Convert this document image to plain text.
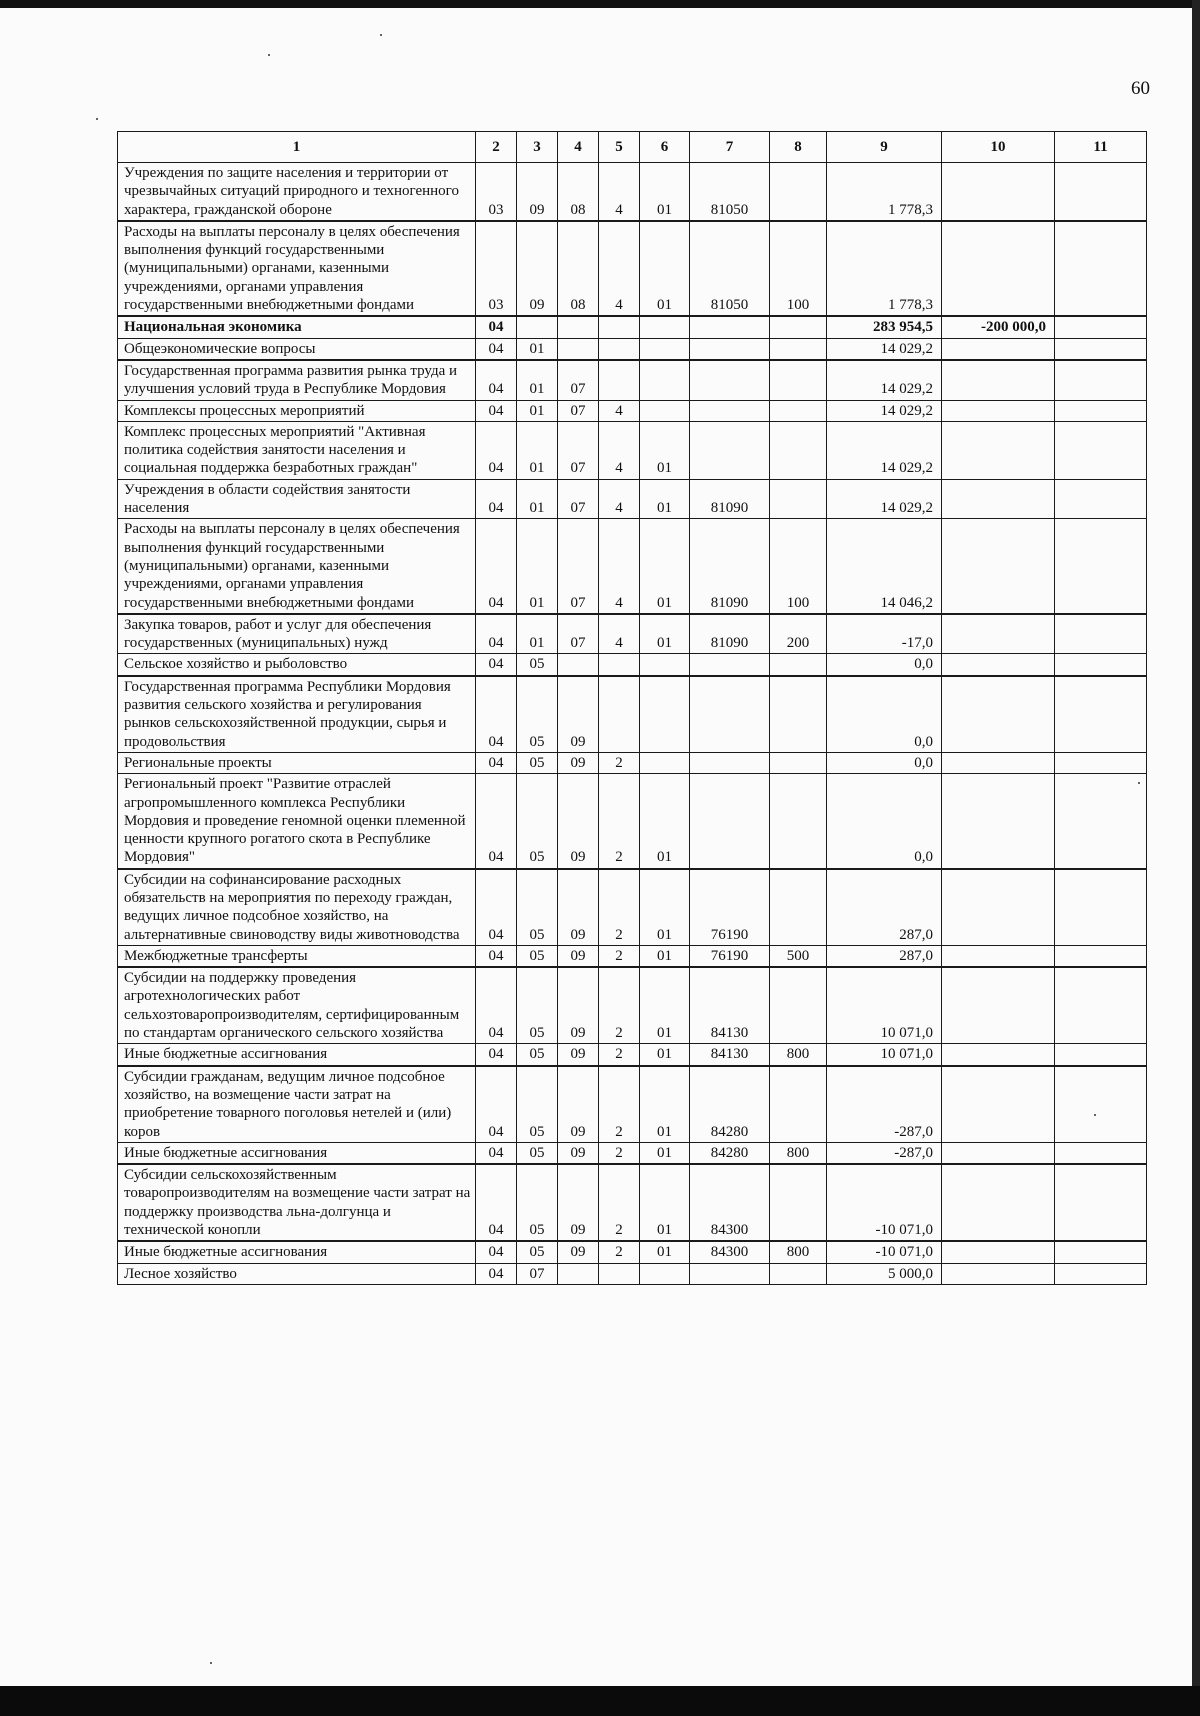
60
1	2	3	4	5	6	7	8	9	10	11
Учреждения по защите населения и территории от чрезвычайных ситуаций природного и техногенного характера, гражданской обороне	03	09	08	4	01	81050		1 778,3		
Расходы на выплаты персоналу в целях обеспечения выполнения функций государственными (муниципальными) органами, казенными учреждениями, органами управления государственными внебюджетными фондами	03	09	08	4	01	81050	100	1 778,3		
Национальная экономика	04							283 954,5	-200 000,0	
Общеэкономические вопросы	04	01						14 029,2		
Государственная программа развития рынка труда и улучшения условий труда в Республике Мордовия	04	01	07					14 029,2		
Комплексы процессных мероприятий	04	01	07	4				14 029,2		
Комплекс процессных мероприятий "Активная политика содействия занятости населения и социальная поддержка безработных граждан"	04	01	07	4	01			14 029,2		
Учреждения в области содействия занятости населения	04	01	07	4	01	81090		14 029,2		
Расходы на выплаты персоналу в целях обеспечения выполнения функций государственными (муниципальными) органами, казенными учреждениями, органами управления государственными внебюджетными фондами	04	01	07	4	01	81090	100	14 046,2		
Закупка товаров, работ и услуг для обеспечения государственных (муниципальных) нужд	04	01	07	4	01	81090	200	-17,0		
Сельское хозяйство и рыболовство	04	05						0,0		
Государственная программа Республики Мордовия развития сельского хозяйства и регулирования рынков сельскохозяйственной продукции, сырья и продовольствия	04	05	09					0,0		
Региональные проекты	04	05	09	2				0,0		
Региональный проект "Развитие отраслей агропромышленного комплекса Республики Мордовия и проведение геномной оценки племенной ценности крупного рогатого скота в Республике Мордовия"	04	05	09	2	01			0,0		
Субсидии на софинансирование расходных обязательств на мероприятия по переходу граждан, ведущих личное подсобное хозяйство, на альтернативные свиноводству виды животноводства	04	05	09	2	01	76190		287,0		
Межбюджетные трансферты	04	05	09	2	01	76190	500	287,0		
Субсидии на поддержку проведения агротехнологических работ сельхозтоваропроизводителям, сертифицированным по стандартам органического сельского хозяйства	04	05	09	2	01	84130		10 071,0		
Иные бюджетные ассигнования	04	05	09	2	01	84130	800	10 071,0		
Субсидии гражданам, ведущим личное подсобное хозяйство, на возмещение части затрат на приобретение товарного поголовья нетелей и (или) коров	04	05	09	2	01	84280		-287,0		
Иные бюджетные ассигнования	04	05	09	2	01	84280	800	-287,0		
Субсидии сельскохозяйственным товаропроизводителям на возмещение части затрат на поддержку производства льна-долгунца и технической конопли	04	05	09	2	01	84300		-10 071,0		
Иные бюджетные ассигнования	04	05	09	2	01	84300	800	-10 071,0		
Лесное хозяйство	04	07						5 000,0		
